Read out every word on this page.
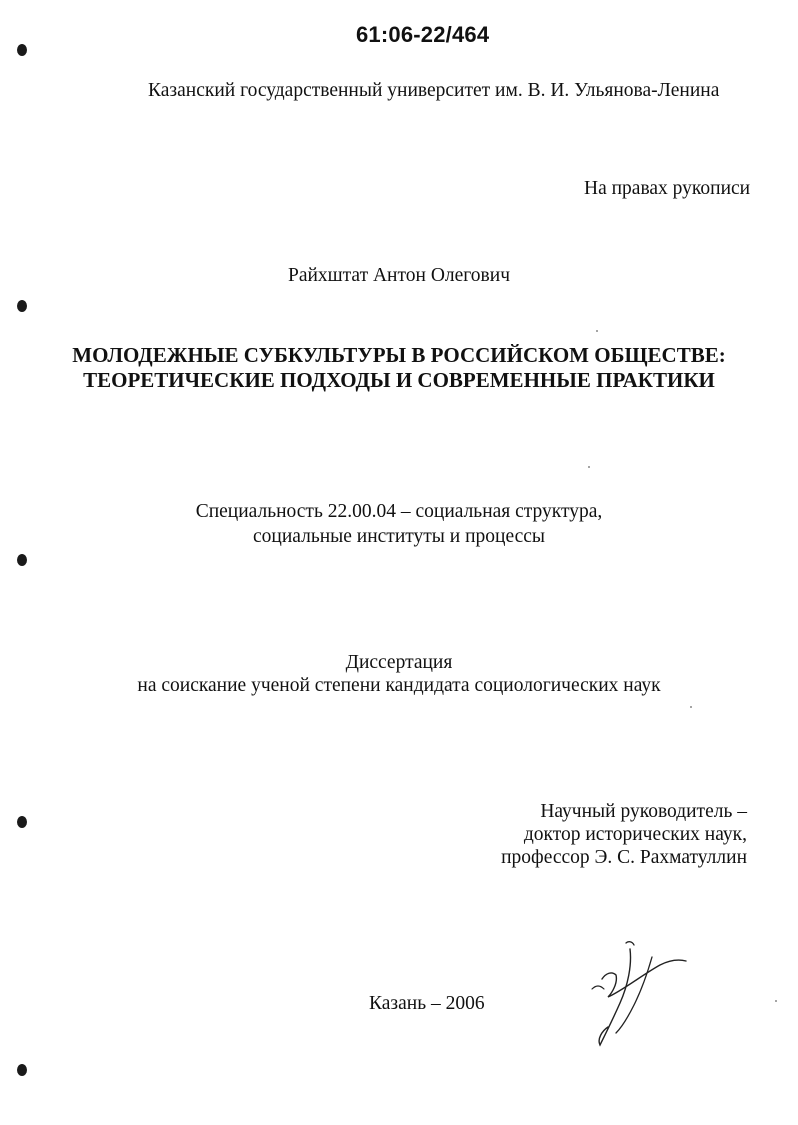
61:06-22/464
Казанский государственный университет им. В. И. Ульянова-Ленина
На правах рукописи
Райхштат Антон Олегович
МОЛОДЕЖНЫЕ СУБКУЛЬТУРЫ В РОССИЙСКОМ ОБЩЕСТВЕ:
ТЕОРЕТИЧЕСКИЕ ПОДХОДЫ И СОВРЕМЕННЫЕ ПРАКТИКИ
Специальность 22.00.04 – социальная структура,
социальные институты и процессы
Диссертация
на соискание ученой степени кандидата социологических наук
Научный руководитель –
доктор исторических наук,
профессор Э. С. Рахматуллин
Казань – 2006
